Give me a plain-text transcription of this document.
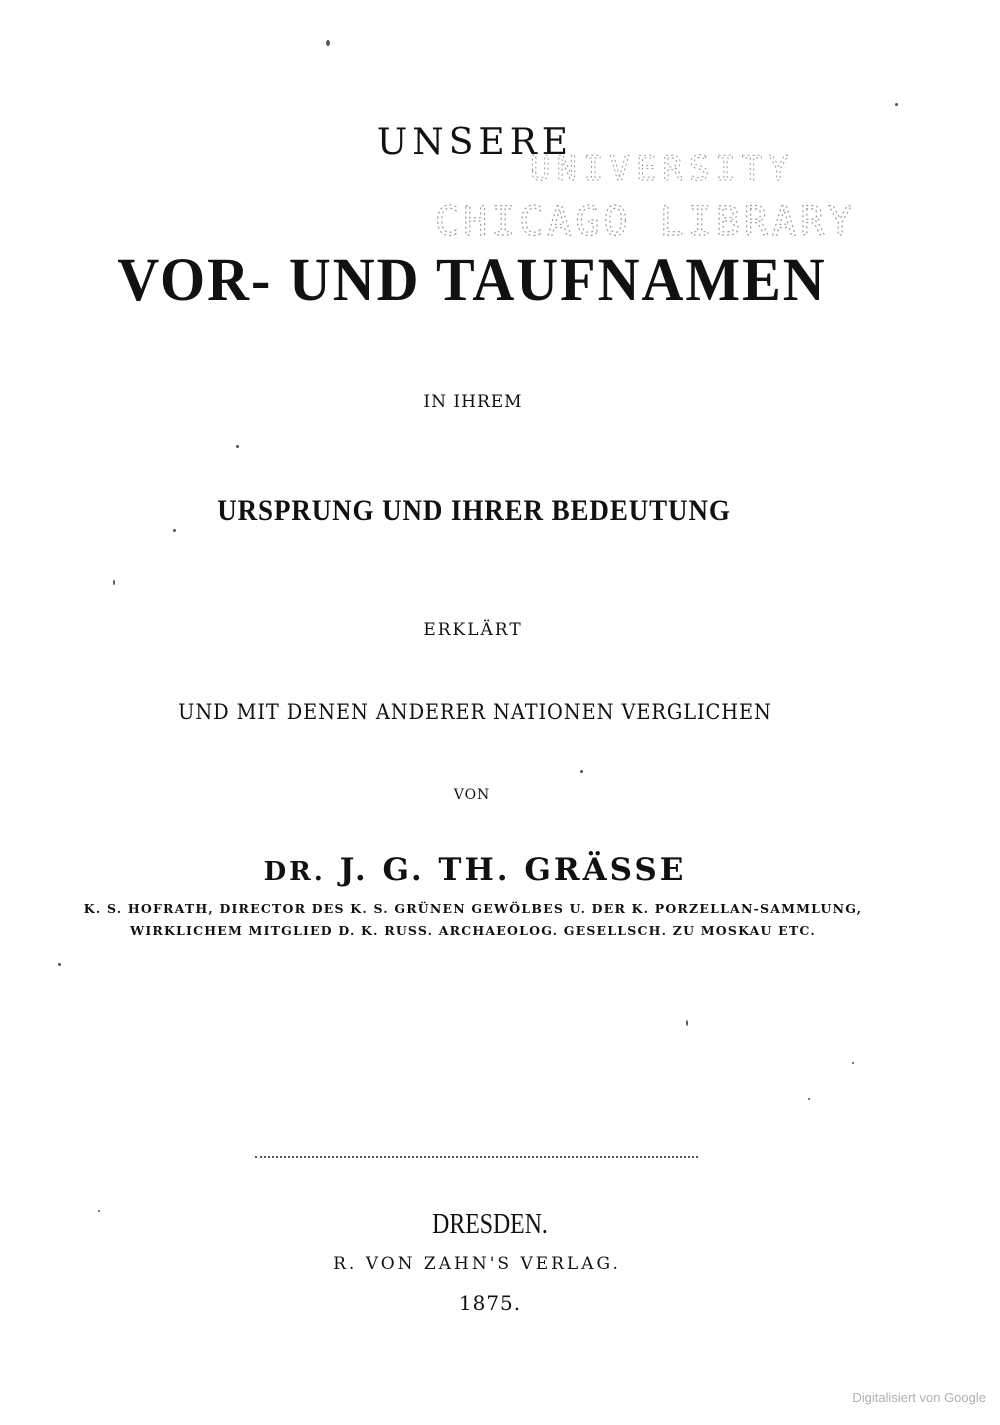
UNSERE
UNIVERSITY
CHICAGO LIBRARY
VOR- UND TAUFNAMEN

IN IHREM

URSPRUNG UND IHRER BEDEUTUNG

ERKLÄRT

UND MIT DENEN ANDERER NATIONEN VERGLICHEN

VON

DR. J. G. TH. GRÄSSE

K. S. HOFRATH, DIRECTOR DES K. S. GRÜNEN GEWÖLBES U. DER K. PORZELLAN-SAMMLUNG,

WIRKLICHEM MITGLIED D. K. RUSS. ARCHAEOLOG. GESELLSCH. ZU MOSKAU ETC.

DRESDEN.

R. VON ZAHN'S VERLAG.

1875.

Digitalisiert von Google
